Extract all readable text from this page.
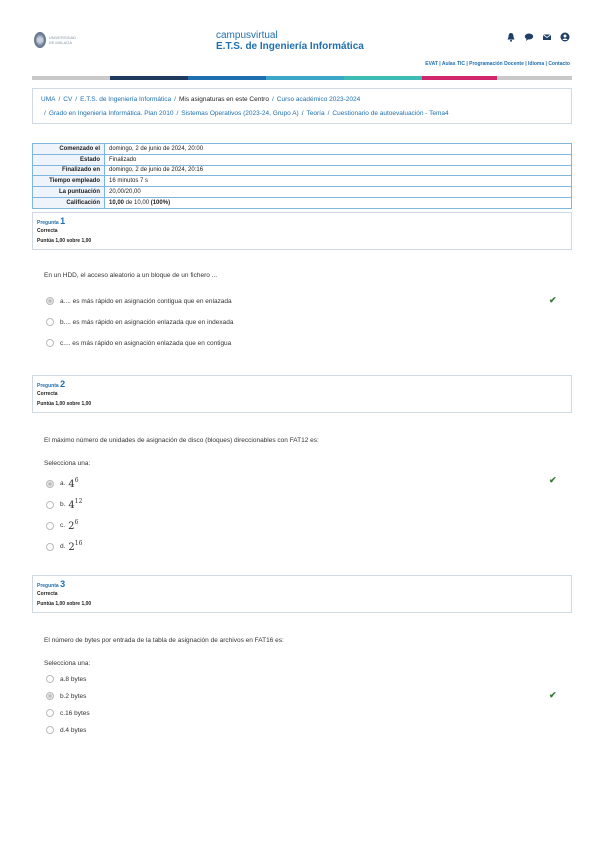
UNIVERSIDAD DE MÁLAGA
campusvirtual
E.T.S. de Ingeniería Informática
EVAT | Aulas TIC | Programación Docente | Idioma | Contacto
UMA / CV / E.T.S. de Ingeniería Informática / Mis asignaturas en este Centro / Curso académico 2023-2024
/ Grado en Ingeniería Informática. Plan 2010 / Sistemas Operativos (2023-24, Grupo A) / Teoría / Cuestionario de autoevaluación - Tema4
Comenzado el	domingo, 2 de junio de 2024, 20:00
Estado	Finalizado
Finalizado en	domingo, 2 de junio de 2024, 20:16
Tiempo empleado	16 minutos 7 s
La puntuación	20,00/20,00
Calificación	10,00 de 10,00 (100%)
Pregunta 1
Correcta
Puntúa 1,00 sobre 1,00
En un HDD, el acceso aleatorio a un bloque de un fichero ...
a. ... es más rápido en asignación contigua que en enlazada	✔
b. ... es más rápido en asignación enlazada que en indexada
c. ... es más rápido en asignación enlazada que en contigua
Pregunta 2
Correcta
Puntúa 1,00 sobre 1,00
El máximo número de unidades de asignación de disco (bloques) direccionables con FAT12 es:
Selecciona una:
a. $4^6$	✔
b. $4^{12}$
c. $2^6$
d. $2^{16}$
Pregunta 3
Correcta
Puntúa 1,00 sobre 1,00
El número de bytes por entrada de la tabla de asignación de archivos en FAT16 es:
Selecciona una:
a. 8 bytes
b. 2 bytes	✔
c. 16 bytes
d. 4 bytes
